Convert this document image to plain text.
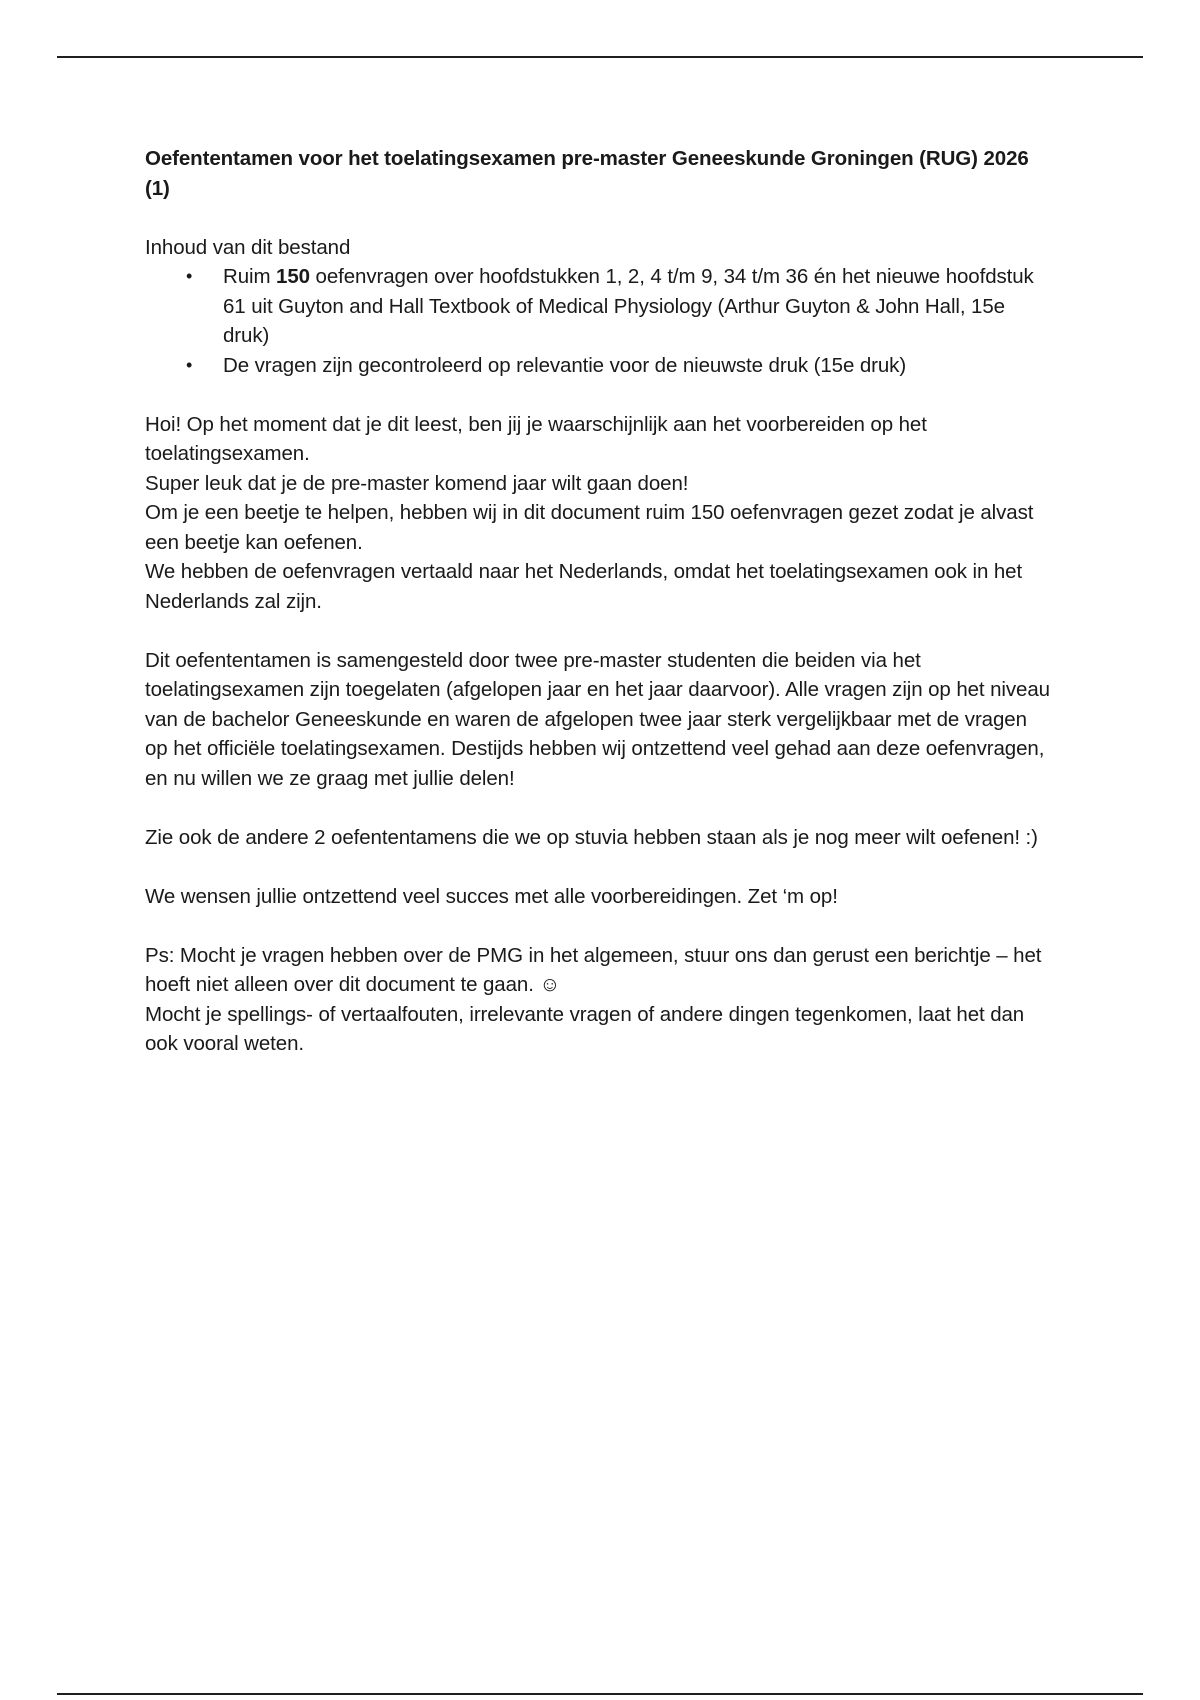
Oefententamen voor het toelatingsexamen pre-master Geneeskunde Groningen (RUG) 2026 (1)

Inhoud van dit bestand

• Ruim 150 oefenvragen over hoofdstukken 1, 2, 4 t/m 9, 34 t/m 36 én het nieuwe hoofdstuk 61 uit Guyton and Hall Textbook of Medical Physiology (Arthur Guyton & John Hall, 15e druk)
• De vragen zijn gecontroleerd op relevantie voor de nieuwste druk (15e druk)

Hoi! Op het moment dat je dit leest, ben jij je waarschijnlijk aan het voorbereiden op het toelatingsexamen.

Super leuk dat je de pre-master komend jaar wilt gaan doen!

Om je een beetje te helpen, hebben wij in dit document ruim 150 oefenvragen gezet zodat je alvast een beetje kan oefenen.

We hebben de oefenvragen vertaald naar het Nederlands, omdat het toelatingsexamen ook in het Nederlands zal zijn.

Dit oefententamen is samengesteld door twee pre-master studenten die beiden via het toelatingsexamen zijn toegelaten (afgelopen jaar en het jaar daarvoor). Alle vragen zijn op het niveau van de bachelor Geneeskunde en waren de afgelopen twee jaar sterk vergelijkbaar met de vragen op het officiële toelatingsexamen. Destijds hebben wij ontzettend veel gehad aan deze oefenvragen, en nu willen we ze graag met jullie delen!

Zie ook de andere 2 oefententamens die we op stuvia hebben staan als je nog meer wilt oefenen! :)

We wensen jullie ontzettend veel succes met alle voorbereidingen. Zet ‘m op!

Ps: Mocht je vragen hebben over de PMG in het algemeen, stuur ons dan gerust een berichtje – het hoeft niet alleen over dit document te gaan. ☺

Mocht je spellings- of vertaalfouten, irrelevante vragen of andere dingen tegenkomen, laat het dan ook vooral weten.
